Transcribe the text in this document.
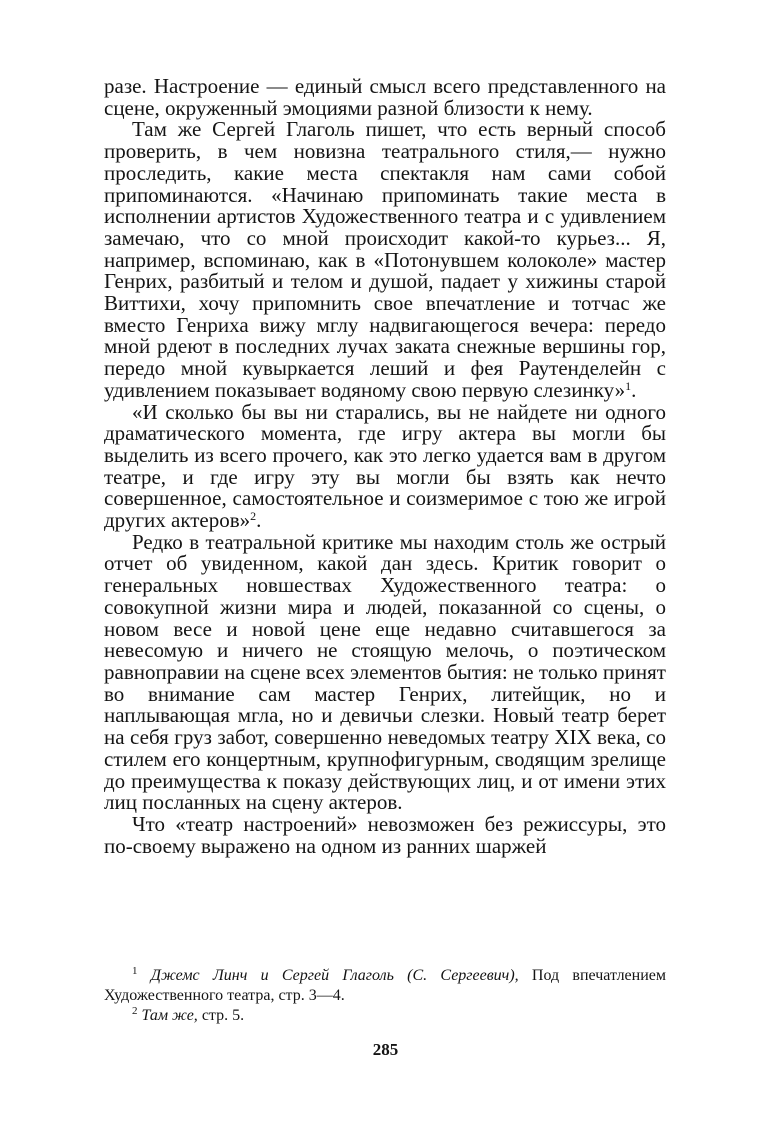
разе. Настроение — единый смысл всего представленного на сцене, окруженный эмоциями разной близости к нему.

Там же Сергей Глаголь пишет, что есть верный способ проверить, в чем новизна театрального стиля,— нужно проследить, какие места спектакля нам сами собой припоминаются. «Начинаю припоминать такие места в исполнении артистов Художественного театра и с удивлением замечаю, что со мной происходит какой-то курьез... Я, например, вспоминаю, как в «Потонувшем колоколе» мастер Генрих, разбитый и телом и душой, падает у хижины старой Виттихи, хочу припомнить свое впечатление и тотчас же вместо Генриха вижу мглу надвигающегося вечера: передо мной рдеют в последних лучах заката снежные вершины гор, передо мной кувыркается леший и фея Раутенделейн с удивлением показывает водяному свою первую слезинку»$^1$.

«И сколько бы вы ни старались, вы не найдете ни одного драматического момента, где игру актера вы могли бы выделить из всего прочего, как это легко удается вам в другом театре, и где игру эту вы могли бы взять как нечто совершенное, самостоятельное и соизмеримое с тою же игрой других актеров»$^2$.

Редко в театральной критике мы находим столь же острый отчет об увиденном, какой дан здесь. Критик говорит о генеральных новшествах Художественного театра: о совокупной жизни мира и людей, показанной со сцены, о новом весе и новой цене еще недавно считавшегося за невесомую и ничего не стоящую мелочь, о поэтическом равноправии на сцене всех элементов бытия: не только принят во внимание сам мастер Генрих, литейщик, но и наплывающая мгла, но и девичьи слезки. Новый театр берет на себя груз забот, совершенно неведомых театру XIX века, со стилем его концертным, крупнофигурным, сводящим зрелище до преимущества к показу действующих лиц, и от имени этих лиц посланных на сцену актеров.

Что «театр настроений» невозможен без режиссуры, это по-своему выражено на одном из ранних шаржей

$^1$ Джемс Линч и Сергей Глаголь (С. Сергеевич), Под впечатлением Художественного театра, стр. 3—4.

$^2$ Там же, стр. 5.

285
